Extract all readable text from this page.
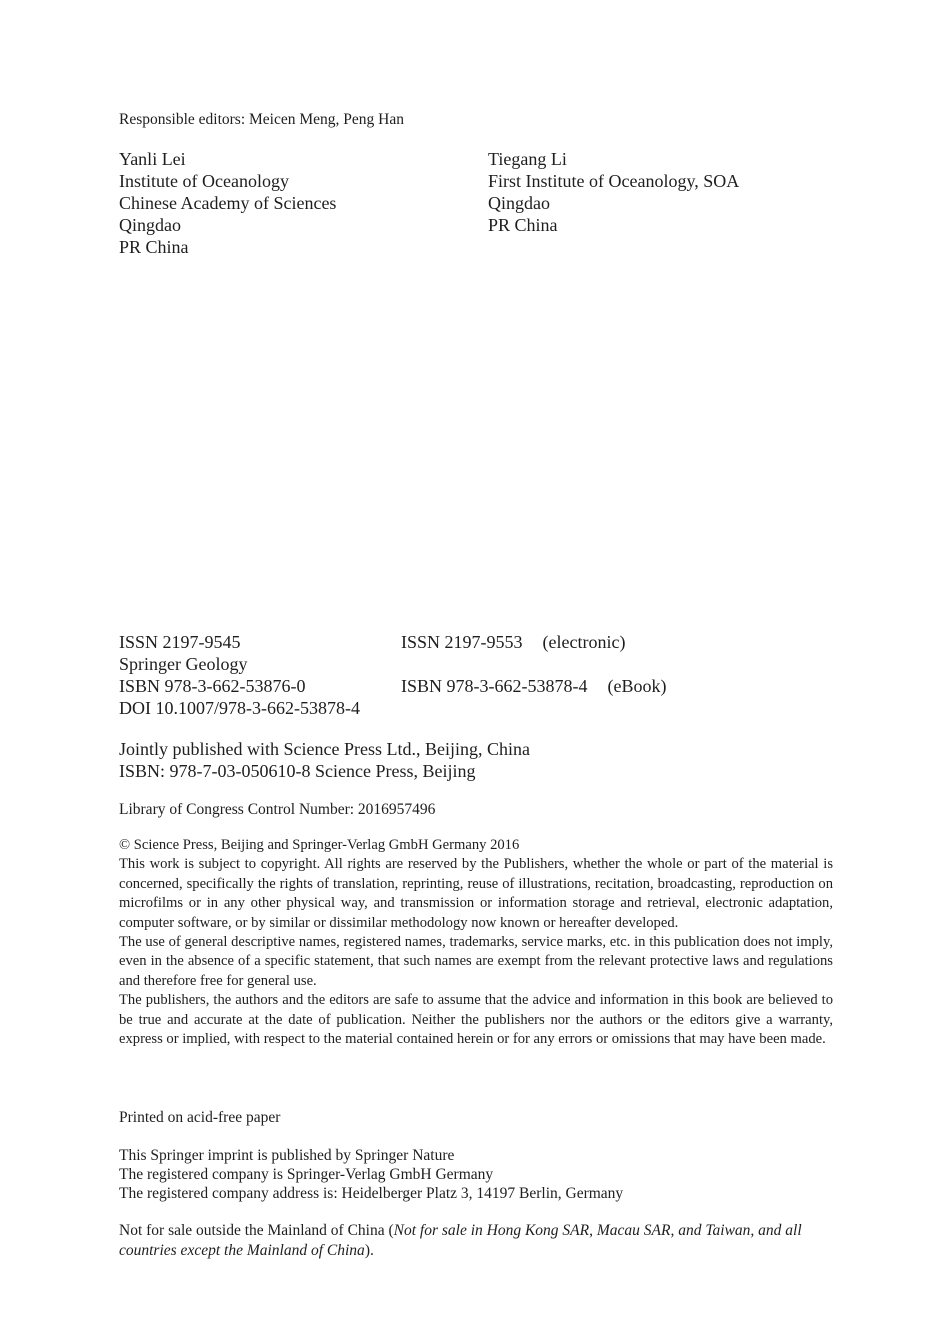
Responsible editors: Meicen Meng, Peng Han
Yanli Lei
Institute of Oceanology
Chinese Academy of Sciences
Qingdao
PR China
Tiegang Li
First Institute of Oceanology, SOA
Qingdao
PR China
ISSN 2197-9545	ISSN 2197-9553 (electronic)
Springer Geology
ISBN 978-3-662-53876-0	ISBN 978-3-662-53878-4 (eBook)
DOI 10.1007/978-3-662-53878-4
Jointly published with Science Press Ltd., Beijing, China
ISBN: 978-7-03-050610-8 Science Press, Beijing
Library of Congress Control Number: 2016957496
© Science Press, Beijing and Springer-Verlag GmbH Germany 2016
This work is subject to copyright. All rights are reserved by the Publishers, whether the whole or part of the material is concerned, specifically the rights of translation, reprinting, reuse of illustrations, recitation, broadcasting, reproduction on microfilms or in any other physical way, and transmission or information storage and retrieval, electronic adaptation, computer software, or by similar or dissimilar methodology now known or hereafter developed.
The use of general descriptive names, registered names, trademarks, service marks, etc. in this publication does not imply, even in the absence of a specific statement, that such names are exempt from the relevant protective laws and regulations and therefore free for general use.
The publishers, the authors and the editors are safe to assume that the advice and information in this book are believed to be true and accurate at the date of publication. Neither the publishers nor the authors or the editors give a warranty, express or implied, with respect to the material contained herein or for any errors or omissions that may have been made.
Printed on acid-free paper
This Springer imprint is published by Springer Nature
The registered company is Springer-Verlag GmbH Germany
The registered company address is: Heidelberger Platz 3, 14197 Berlin, Germany
Not for sale outside the Mainland of China (Not for sale in Hong Kong SAR, Macau SAR, and Taiwan, and all countries except the Mainland of China).
